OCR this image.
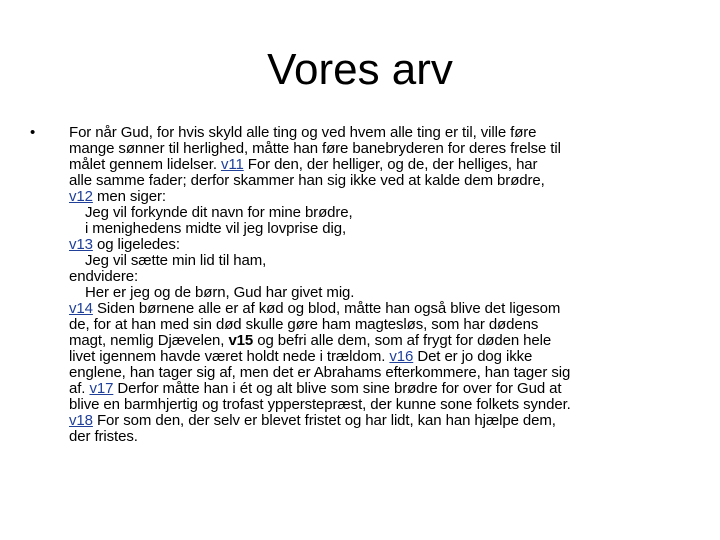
Vores arv
• For når Gud, for hvis skyld alle ting og ved hvem alle ting er til, ville føre
mange sønner til herlighed, måtte han føre banebryderen for deres frelse til
målet gennem lidelser. v11 For den, der helliger, og de, der helliges, har
alle samme fader; derfor skammer han sig ikke ved at kalde dem brødre,
v12 men siger:
Jeg vil forkynde dit navn for mine brødre,
i menighedens midte vil jeg lovprise dig,
v13 og ligeledes:
Jeg vil sætte min lid til ham,
endvidere:
Her er jeg og de børn, Gud har givet mig.
v14 Siden børnene alle er af kød og blod, måtte han også blive det ligesom
de, for at han med sin død skulle gøre ham magtesløs, som har dødens
magt, nemlig Djævelen, v15 og befri alle dem, som af frygt for døden hele
livet igennem havde været holdt nede i trældom. v16 Det er jo dog ikke
englene, han tager sig af, men det er Abrahams efterkommere, han tager sig
af. v17 Derfor måtte han i ét og alt blive som sine brødre for over for Gud at
blive en barmhjertig og trofast ypperstepræst, der kunne sone folkets synder.
v18 For som den, der selv er blevet fristet og har lidt, kan han hjælpe dem,
der fristes.
